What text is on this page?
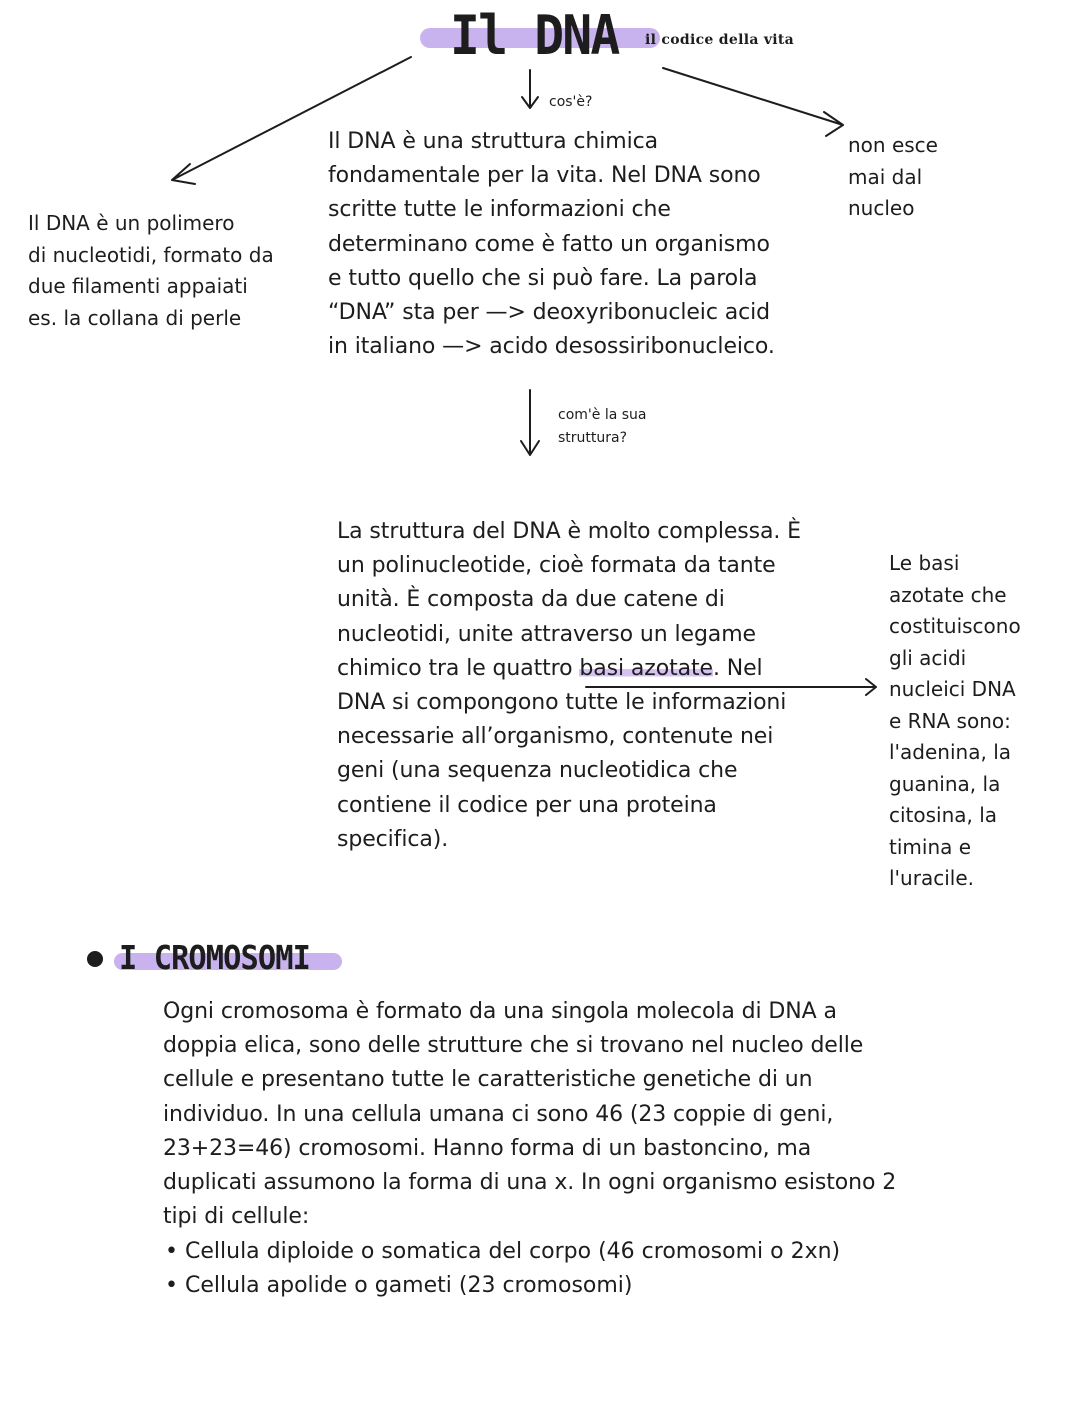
Il DNA il codice della vita

cos'è?

com'è la sua
struttura?

Il DNA è un polimero
di nucleotidi, formato da
due filamenti appaiati
es. la collana di perle

non esce
mai dal
nucleo

Il DNA è una struttura chimica
fondamentale per la vita. Nel DNA sono
scritte tutte le informazioni che
determinano come è fatto un organismo
e tutto quello che si può fare. La parola
“DNA” sta per —> deoxyribonucleic acid
in italiano —> acido desossiribonucleico.

La struttura del DNA è molto complessa. È
un polinucleotide, cioè formata da tante
unità. È composta da due catene di
nucleotidi, unite attraverso un legame
chimico tra le quattro basi azotate. Nel
DNA si compongono tutte le informazioni
necessarie all’organismo, contenute nei
geni (una sequenza nucleotidica che
contiene il codice per una proteina
specifica).

Le basi
azotate che
costituiscono
gli acidi
nucleici DNA
e RNA sono:
l'adenina, la
guanina, la
citosina, la
timina e
l'uracile.

I CROMOSOMI

Ogni cromosoma è formato da una singola molecola di DNA a
doppia elica, sono delle strutture che si trovano nel nucleo delle
cellule e presentano tutte le caratteristiche genetiche di un
individuo. In una cellula umana ci sono 46 (23 coppie di geni,
23+23=46) cromosomi. Hanno forma di un bastoncino, ma
duplicati assumono la forma di una x. In ogni organismo esistono 2
tipi di cellule:

• Cellula diploide o somatica del corpo (46 cromosomi o 2xn)
• Cellula apolide o gameti (23 cromosomi)
